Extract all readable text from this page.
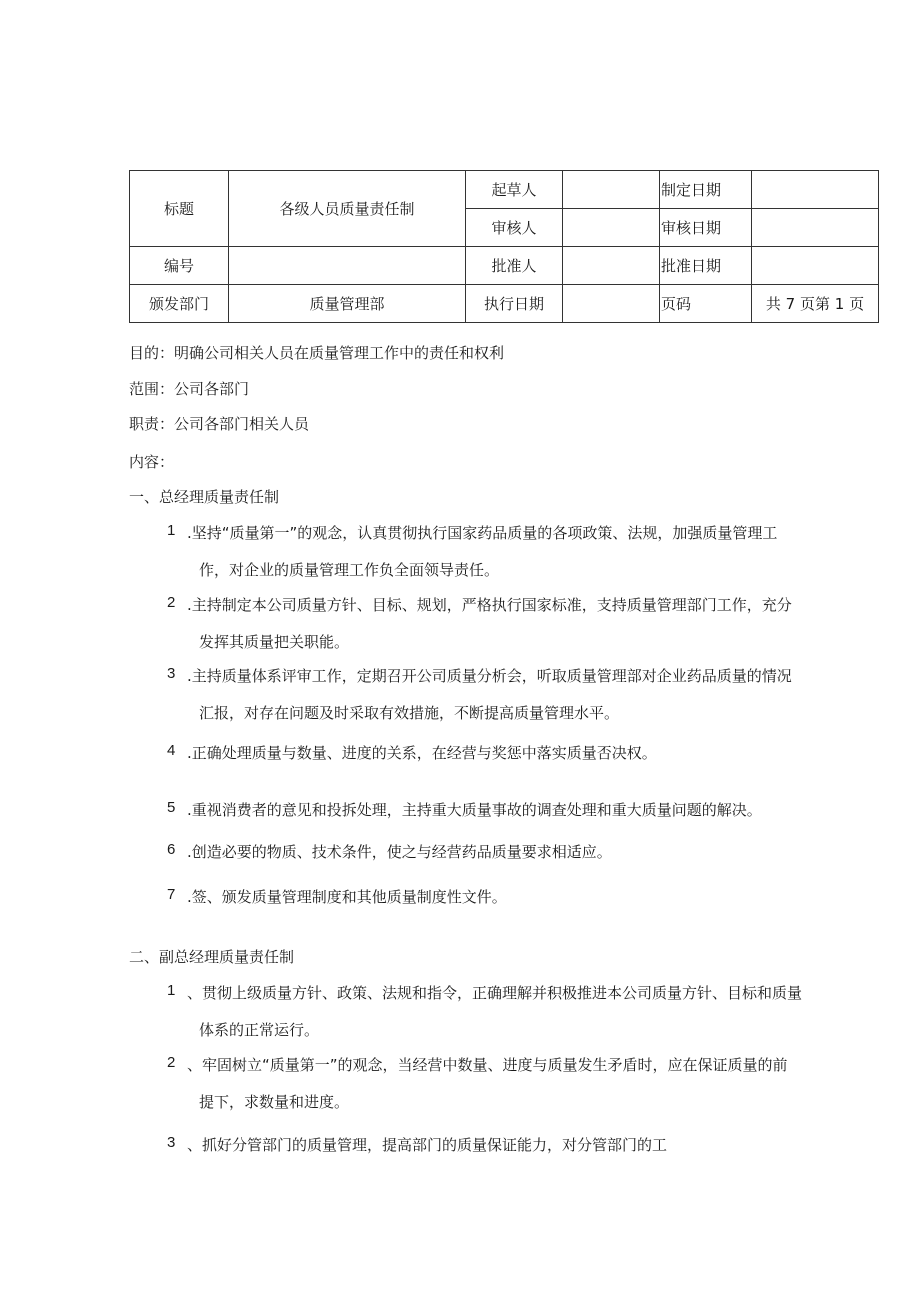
标题	各级人员质量责任制	起草人		制定日期	
		审核人		审核日期	
编号		批准人		批准日期	
颁发部门	质量管理部	执行日期		页码	共 7 页第 1 页
目的：明确公司相关人员在质量管理工作中的责任和权利
范围：公司各部门
职责：公司各部门相关人员
内容：
一、总经理质量责任制
1 .坚持“质量第一”的观念，认真贯彻执行国家药品质量的各项政策、法规，加强质量管理工
作，对企业的质量管理工作负全面领导责任。
2 .主持制定本公司质量方针、目标、规划，严格执行国家标准，支持质量管理部门工作，充分
发挥其质量把关职能。
3 .主持质量体系评审工作，定期召开公司质量分析会，听取质量管理部对企业药品质量的情况
汇报，对存在问题及时采取有效措施，不断提高质量管理水平。
4 .正确处理质量与数量、进度的关系，在经营与奖惩中落实质量否决权。
5 .重视消费者的意见和投拆处理，主持重大质量事故的调查处理和重大质量问题的解决。
6 .创造必要的物质、技术条件，使之与经营药品质量要求相适应。
7 .签、颁发质量管理制度和其他质量制度性文件。
二、副总经理质量责任制
1 、贯彻上级质量方针、政策、法规和指令，正确理解并积极推进本公司质量方针、目标和质量
体系的正常运行。
2 、牢固树立“质量第一”的观念，当经营中数量、进度与质量发生矛盾时，应在保证质量的前
提下，求数量和进度。
3 、抓好分管部门的质量管理，提高部门的质量保证能力，对分管部门的工
